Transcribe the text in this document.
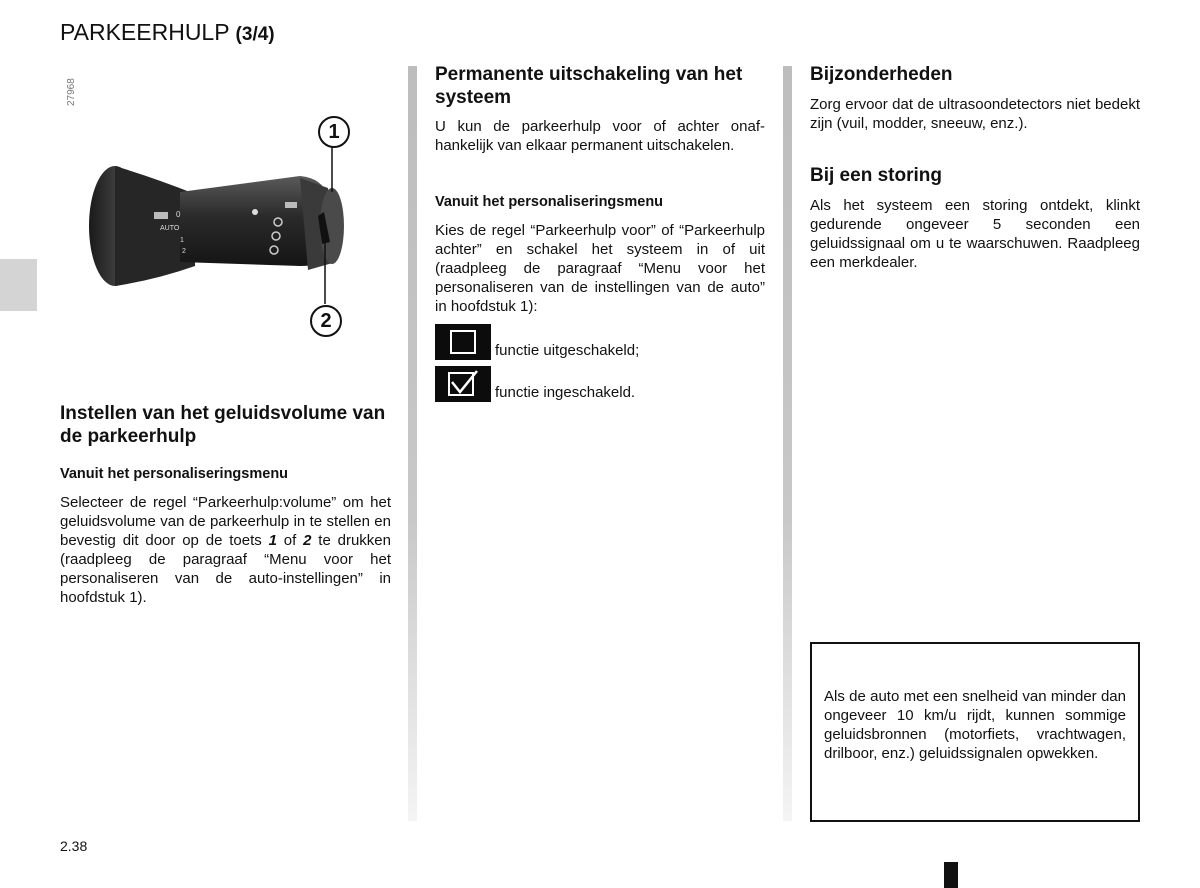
PARKEERHULP (3/4)
27968
0
AUTO
1
2
1
2
Instellen van het geluidsvolume van de parkeerhulp
Vanuit het personaliseringsmenu

Selecteer de regel “Parkeerhulp:volume” om het geluidsvolume van de parkeerhulp in te stellen en bevestig dit door op de toets 1 of 2 te drukken (raadpleeg de paragraaf “Menu voor het personaliseren van de auto-instellingen” in hoofdstuk 1).

Permanente uitschakeling van het systeem

U kun de parkeerhulp voor of achter onafhankelijk van elkaar permanent uitschakelen.

Vanuit het personaliseringsmenu

Kies de regel “Parkeerhulp voor” of “Parkeerhulp achter” en schakel het systeem in of uit (raadpleeg de paragraaf “Menu voor het personaliseren van de instellingen van de auto” in hoofdstuk 1):

functie uitgeschakeld;

functie ingeschakeld.

Bijzonderheden

Zorg ervoor dat de ultrasoondetectors niet bedekt zijn (vuil, modder, sneeuw, enz.).

Bij een storing

Als het systeem een storing ontdekt, klinkt gedurende ongeveer 5 seconden een geluidssignaal om u te waarschuwen. Raadpleeg een merkdealer.

Als de auto met een snelheid van minder dan ongeveer 10 km/u rijdt, kunnen sommige geluidsbronnen (motorfiets, vrachtwagen, drilboor, enz.) geluidssignalen opwekken.

2.38
